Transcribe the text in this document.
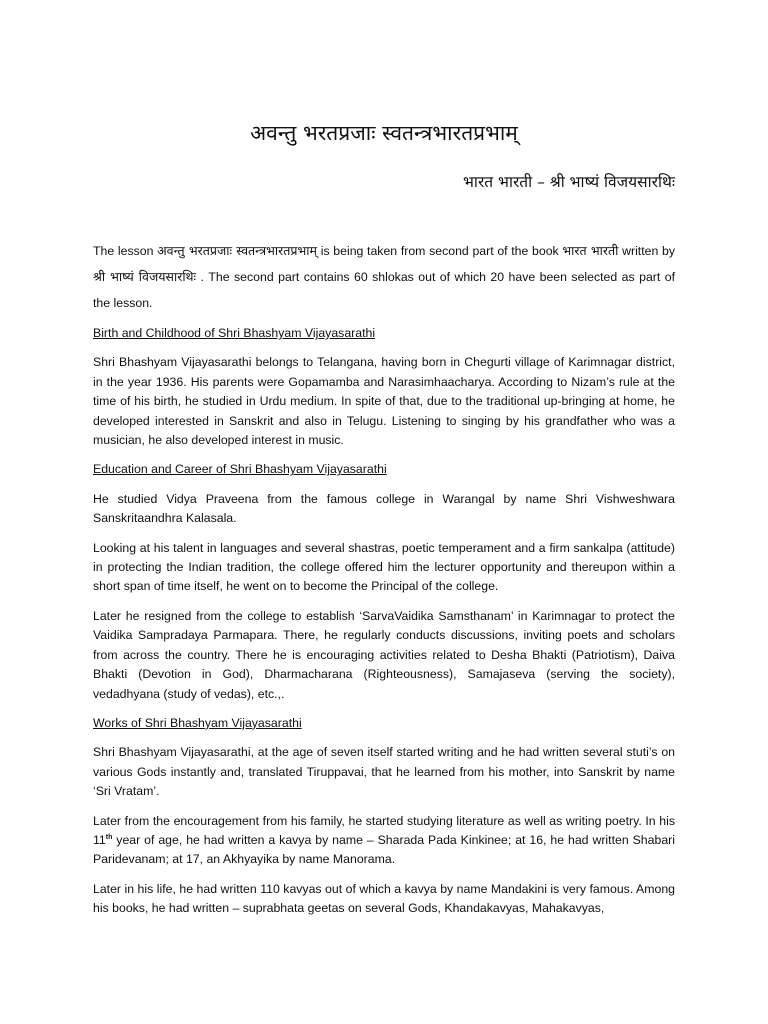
अवन्तु भरतप्रजाः स्वतन्त्रभारतप्रभाम्
भारत भारती – श्री भाष्यं विजयसारथिः

The lesson अवन्तु भरतप्रजाः स्वतन्त्रभारतप्रभाम् is being taken from second part of the book भारत भारती written by श्री भाष्यं विजयसारथिः . The second part contains 60 shlokas out of which 20 have been selected as part of the lesson.

Birth and Childhood of Shri Bhashyam Vijayasarathi

Shri Bhashyam Vijayasarathi belongs to Telangana, having born in Chegurti village of Karimnagar district, in the year 1936. His parents were Gopamamba and Narasimhaacharya. According to Nizam’s rule at the time of his birth, he studied in Urdu medium. In spite of that, due to the traditional up-bringing at home, he developed interested in Sanskrit and also in Telugu. Listening to singing by his grandfather who was a musician, he also developed interest in music.

Education and Career of Shri Bhashyam Vijayasarathi

He studied Vidya Praveena from the famous college in Warangal by name Shri Vishweshwara Sanskritaandhra Kalasala.

Looking at his talent in languages and several shastras, poetic temperament and a firm sankalpa (attitude) in protecting the Indian tradition, the college offered him the lecturer opportunity and thereupon within a short span of time itself, he went on to become the Principal of the college.

Later he resigned from the college to establish ‘SarvaVaidika Samsthanam’ in Karimnagar to protect the Vaidika Sampradaya Parmapara. There, he regularly conducts discussions, inviting poets and scholars from across the country. There he is encouraging activities related to Desha Bhakti (Patriotism), Daiva Bhakti (Devotion in God), Dharmacharana (Righteousness), Samajaseva (serving the society), vedadhyana (study of vedas), etc.,.

Works of Shri Bhashyam Vijayasarathi

Shri Bhashyam Vijayasarathi, at the age of seven itself started writing and he had written several stuti’s on various Gods instantly and, translated Tiruppavai, that he learned from his mother, into Sanskrit by name ‘Sri Vratam’.

Later from the encouragement from his family, he started studying literature as well as writing poetry. In his 11th year of age, he had written a kavya by name – Sharada Pada Kinkinee; at 16, he had written Shabari Paridevanam; at 17, an Akhyayika by name Manorama.

Later in his life, he had written 110 kavyas out of which a kavya by name Mandakini is very famous. Among his books, he had written – suprabhata geetas on several Gods, Khandakavyas, Mahakavyas,
